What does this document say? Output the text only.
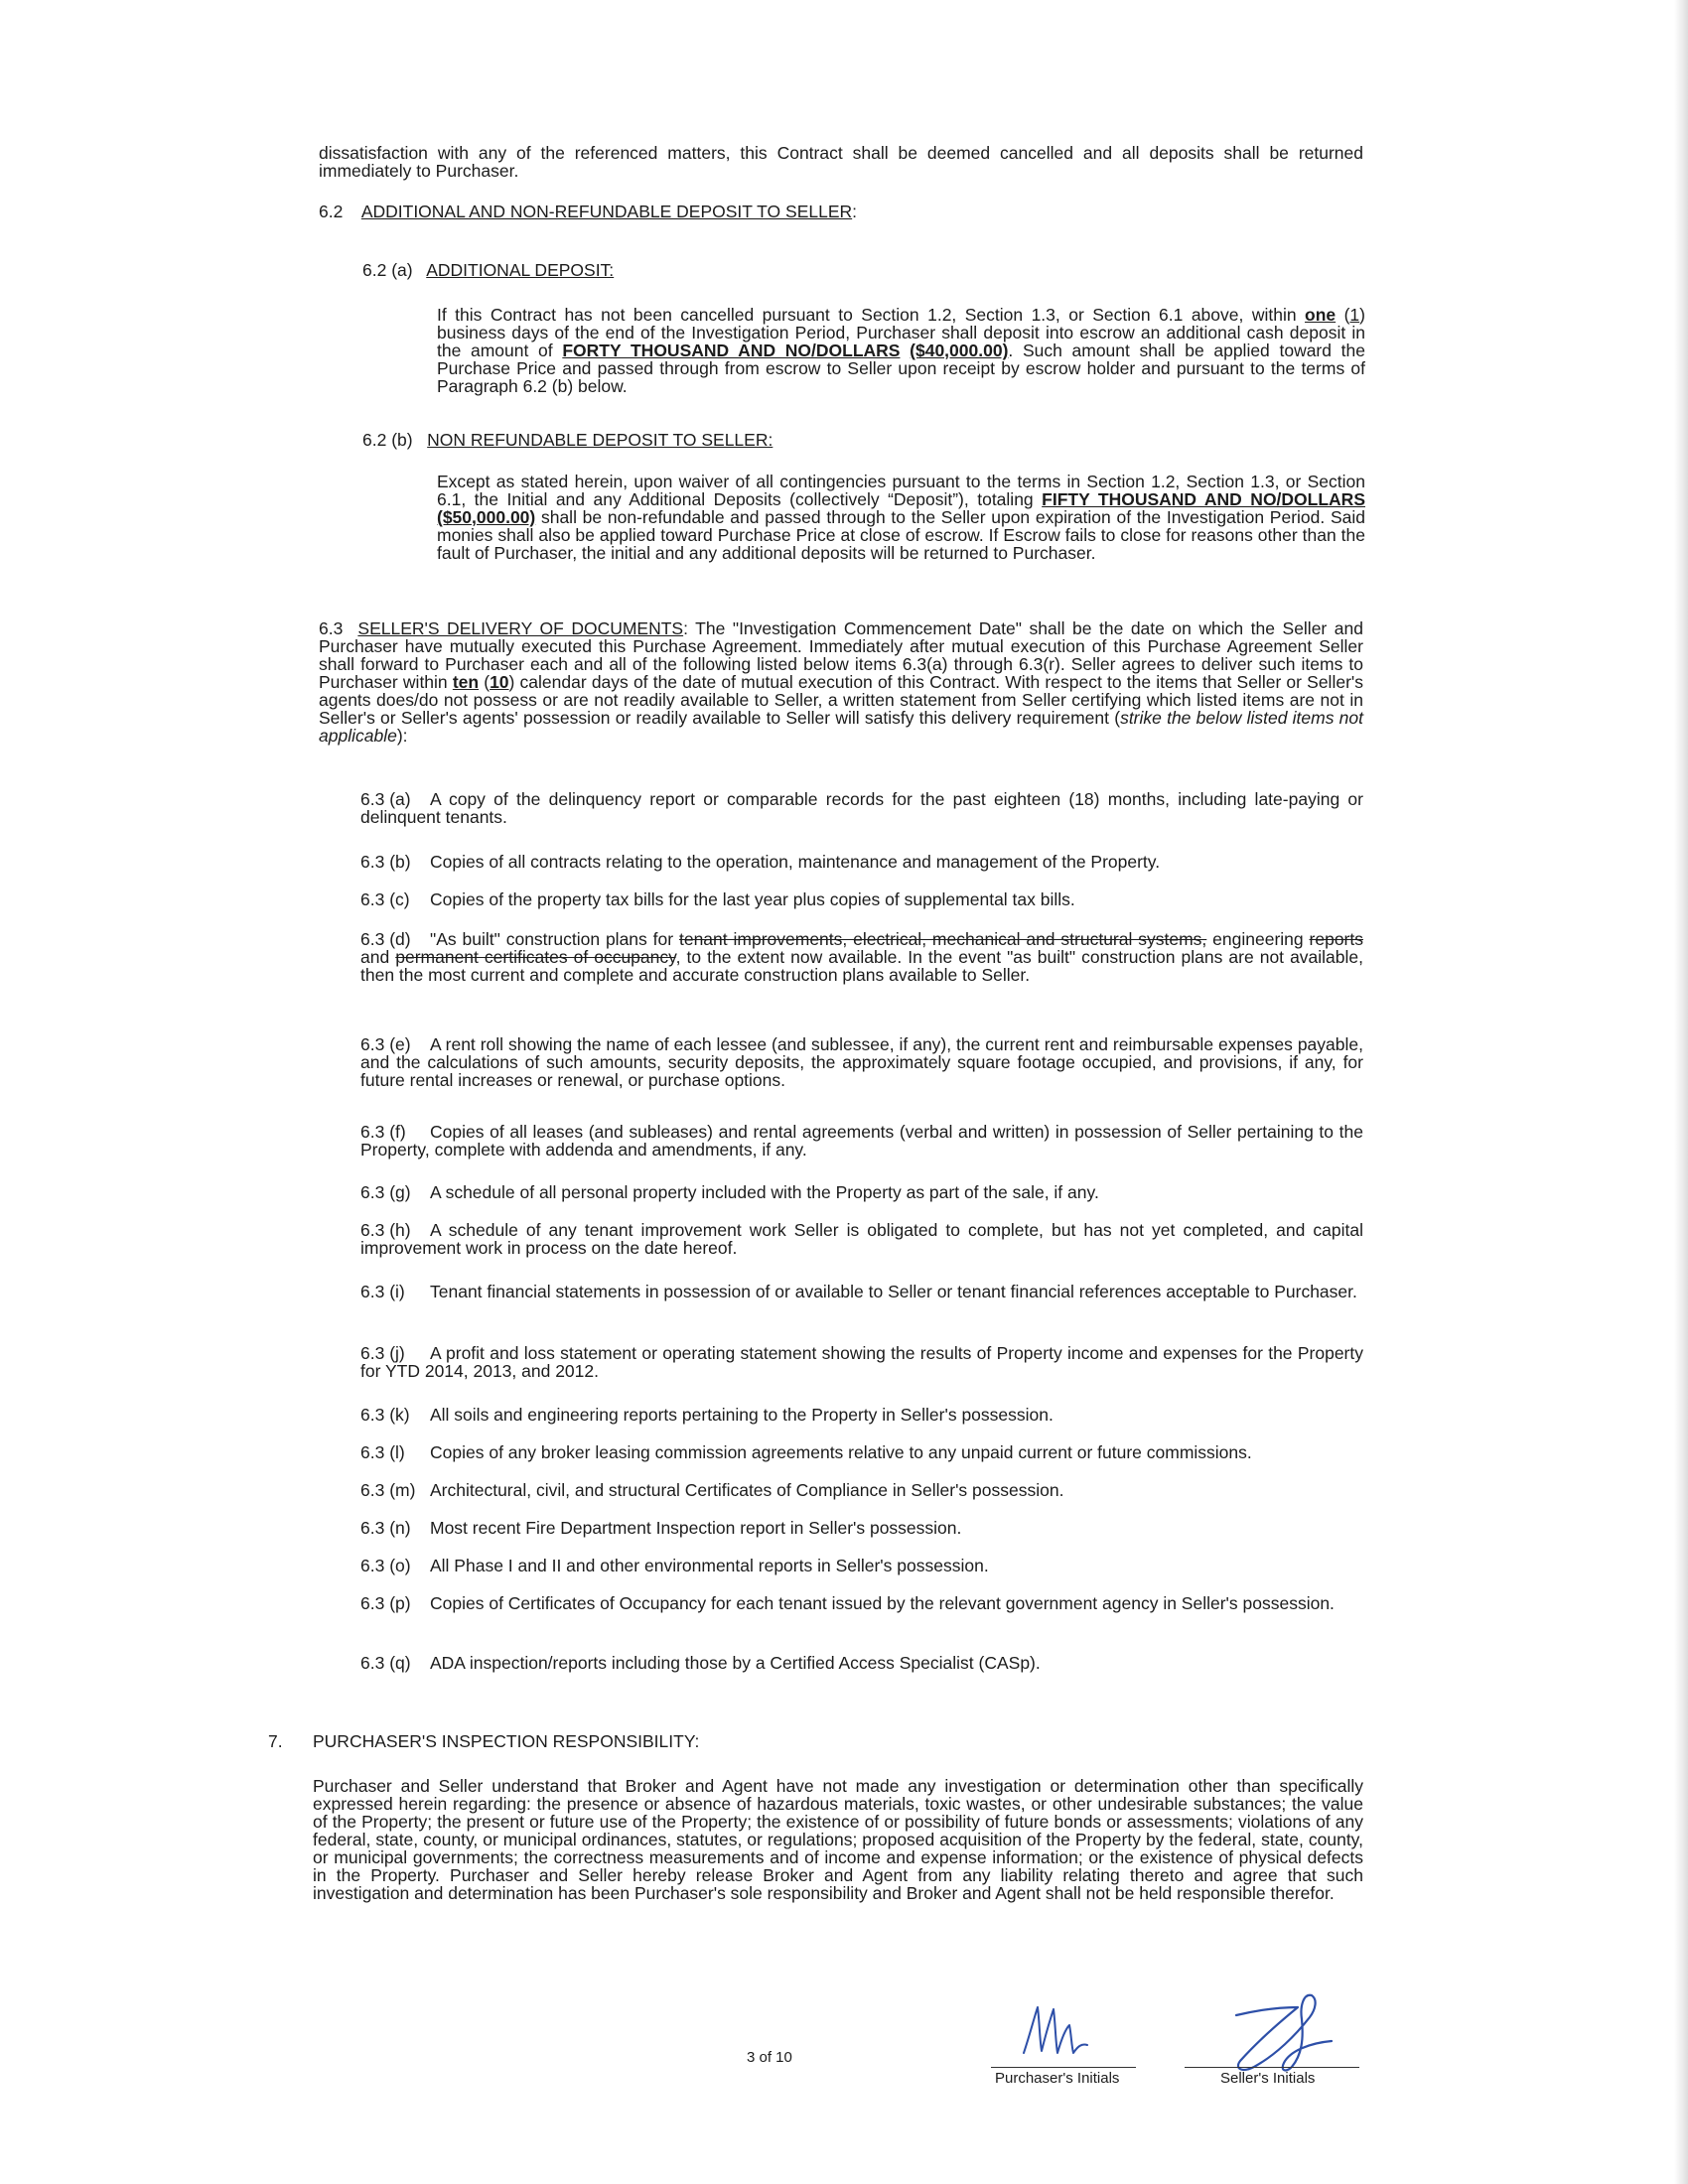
dissatisfaction with any of the referenced matters, this Contract shall be deemed cancelled and all deposits shall be returned immediately to Purchaser.

6.2 ADDITIONAL AND NON-REFUNDABLE DEPOSIT TO SELLER:
6.2 (a) ADDITIONAL DEPOSIT:

If this Contract has not been cancelled pursuant to Section 1.2, Section 1.3, or Section 6.1 above, within one (1) business days of the end of the Investigation Period, Purchaser shall deposit into escrow an additional cash deposit in the amount of FORTY THOUSAND AND NO/DOLLARS ($40,000.00). Such amount shall be applied toward the Purchase Price and passed through from escrow to Seller upon receipt by escrow holder and pursuant to the terms of Paragraph 6.2 (b) below.

6.2 (b) NON REFUNDABLE DEPOSIT TO SELLER:

Except as stated herein, upon waiver of all contingencies pursuant to the terms in Section 1.2, Section 1.3, or Section 6.1, the Initial and any Additional Deposits (collectively “Deposit”), totaling FIFTY THOUSAND AND NO/DOLLARS ($50,000.00) shall be non-refundable and passed through to the Seller upon expiration of the Investigation Period. Said monies shall also be applied toward Purchase Price at close of escrow. If Escrow fails to close for reasons other than the fault of Purchaser, the initial and any additional deposits will be returned to Purchaser.

6.3 SELLER'S DELIVERY OF DOCUMENTS: The "Investigation Commencement Date" shall be the date on which the Seller and Purchaser have mutually executed this Purchase Agreement. Immediately after mutual execution of this Purchase Agreement Seller shall forward to Purchaser each and all of the following listed below items 6.3(a) through 6.3(r). Seller agrees to deliver such items to Purchaser within ten (10) calendar days of the date of mutual execution of this Contract. With respect to the items that Seller or Seller's agents does/do not possess or are not readily available to Seller, a written statement from Seller certifying which listed items are not in Seller's or Seller's agents' possession or readily available to Seller will satisfy this delivery requirement (strike the below listed items not applicable):

6.3 (a) A copy of the delinquency report or comparable records for the past eighteen (18) months, including late-paying or delinquent tenants.

6.3 (b) Copies of all contracts relating to the operation, maintenance and management of the Property.

6.3 (c) Copies of the property tax bills for the last year plus copies of supplemental tax bills.

6.3 (d) "As built" construction plans for tenant improvements, electrical, mechanical and structural systems, engineering reports and permanent certificates of occupancy, to the extent now available. In the event "as built" construction plans are not available, then the most current and complete and accurate construction plans available to Seller.

6.3 (e) A rent roll showing the name of each lessee (and sublessee, if any), the current rent and reimbursable expenses payable, and the calculations of such amounts, security deposits, the approximately square footage occupied, and provisions, if any, for future rental increases or renewal, or purchase options.

6.3 (f) Copies of all leases (and subleases) and rental agreements (verbal and written) in possession of Seller pertaining to the Property, complete with addenda and amendments, if any.

6.3 (g) A schedule of all personal property included with the Property as part of the sale, if any.

6.3 (h) A schedule of any tenant improvement work Seller is obligated to complete, but has not yet completed, and capital improvement work in process on the date hereof.

6.3 (i) Tenant financial statements in possession of or available to Seller or tenant financial references acceptable to Purchaser.

6.3 (j) A profit and loss statement or operating statement showing the results of Property income and expenses for the Property for YTD 2014, 2013, and 2012.

6.3 (k) All soils and engineering reports pertaining to the Property in Seller's possession.

6.3 (l) Copies of any broker leasing commission agreements relative to any unpaid current or future commissions.

6.3 (m) Architectural, civil, and structural Certificates of Compliance in Seller's possession.

6.3 (n) Most recent Fire Department Inspection report in Seller's possession.

6.3 (o) All Phase I and II and other environmental reports in Seller's possession.

6.3 (p) Copies of Certificates of Occupancy for each tenant issued by the relevant government agency in Seller's possession.

6.3 (q) ADA inspection/reports including those by a Certified Access Specialist (CASp).

7. PURCHASER'S INSPECTION RESPONSIBILITY:

Purchaser and Seller understand that Broker and Agent have not made any investigation or determination other than specifically expressed herein regarding: the presence or absence of hazardous materials, toxic wastes, or other undesirable substances; the value of the Property; the present or future use of the Property; the existence of or possibility of future bonds or assessments; violations of any federal, state, county, or municipal ordinances, statutes, or regulations; proposed acquisition of the Property by the federal, state, county, or municipal governments; the correctness measurements and of income and expense information; or the existence of physical defects in the Property. Purchaser and Seller hereby release Broker and Agent from any liability relating thereto and agree that such investigation and determination has been Purchaser's sole responsibility and Broker and Agent shall not be held responsible therefor.

3 of 10
Purchaser's Initials	Seller's Initials
